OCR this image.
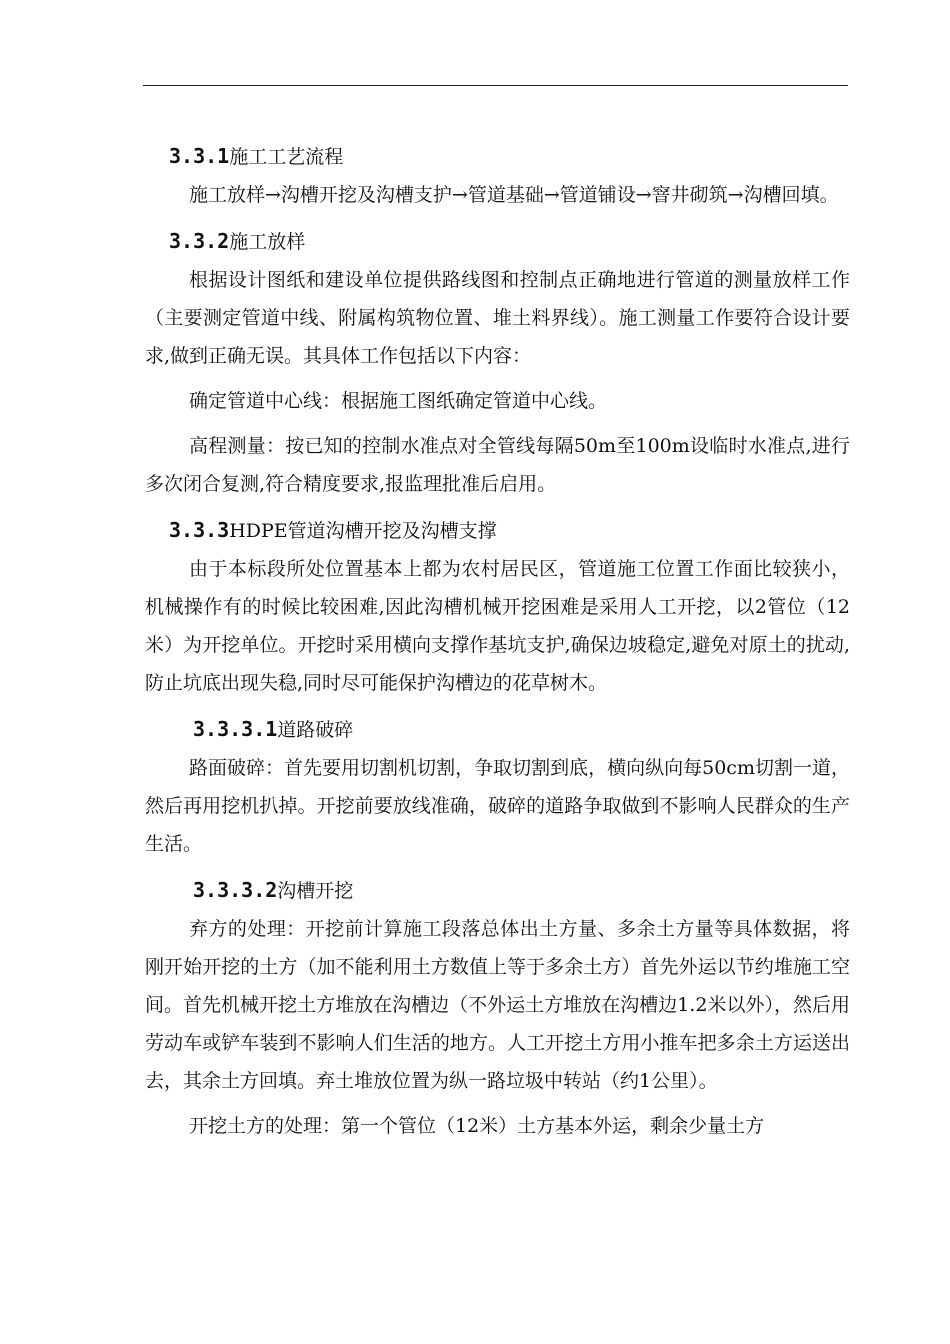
3.3.1施工工艺流程

施工放样→沟槽开挖及沟槽支护→管道基础→管道铺设→窨井砌筑→沟槽回填。

3.3.2施工放样

根据设计图纸和建设单位提供路线图和控制点正确地进行管道的测量放样工作（主要测定管道中线、附属构筑物位置、堆土料界线）。施工测量工作要符合设计要求,做到正确无误。其具体工作包括以下内容：

确定管道中心线：根据施工图纸确定管道中心线。

高程测量：按已知的控制水准点对全管线每隔50m至100m设临时水准点,进行多次闭合复测,符合精度要求,报监理批准后启用。

3.3.3HDPE管道沟槽开挖及沟槽支撑

由于本标段所处位置基本上都为农村居民区，管道施工位置工作面比较狭小，机械操作有的时候比较困难,因此沟槽机械开挖困难是采用人工开挖，以2管位（12米）为开挖单位。开挖时采用横向支撑作基坑支护,确保边坡稳定,避免对原土的扰动,防止坑底出现失稳,同时尽可能保护沟槽边的花草树木。

3.3.3.1道路破碎

路面破碎：首先要用切割机切割，争取切割到底，横向纵向每50cm切割一道，然后再用挖机扒掉。开挖前要放线准确，破碎的道路争取做到不影响人民群众的生产生活。

3.3.3.2沟槽开挖

弃方的处理：开挖前计算施工段落总体出土方量、多余土方量等具体数据，将刚开始开挖的土方（加不能利用土方数值上等于多余土方）首先外运以节约堆施工空间。首先机械开挖土方堆放在沟槽边（不外运土方堆放在沟槽边1.2米以外），然后用劳动车或铲车装到不影响人们生活的地方。人工开挖土方用小推车把多余土方运送出去，其余土方回填。弃土堆放位置为纵一路垃圾中转站（约1公里）。

开挖土方的处理：第一个管位（12米）土方基本外运，剩余少量土方
